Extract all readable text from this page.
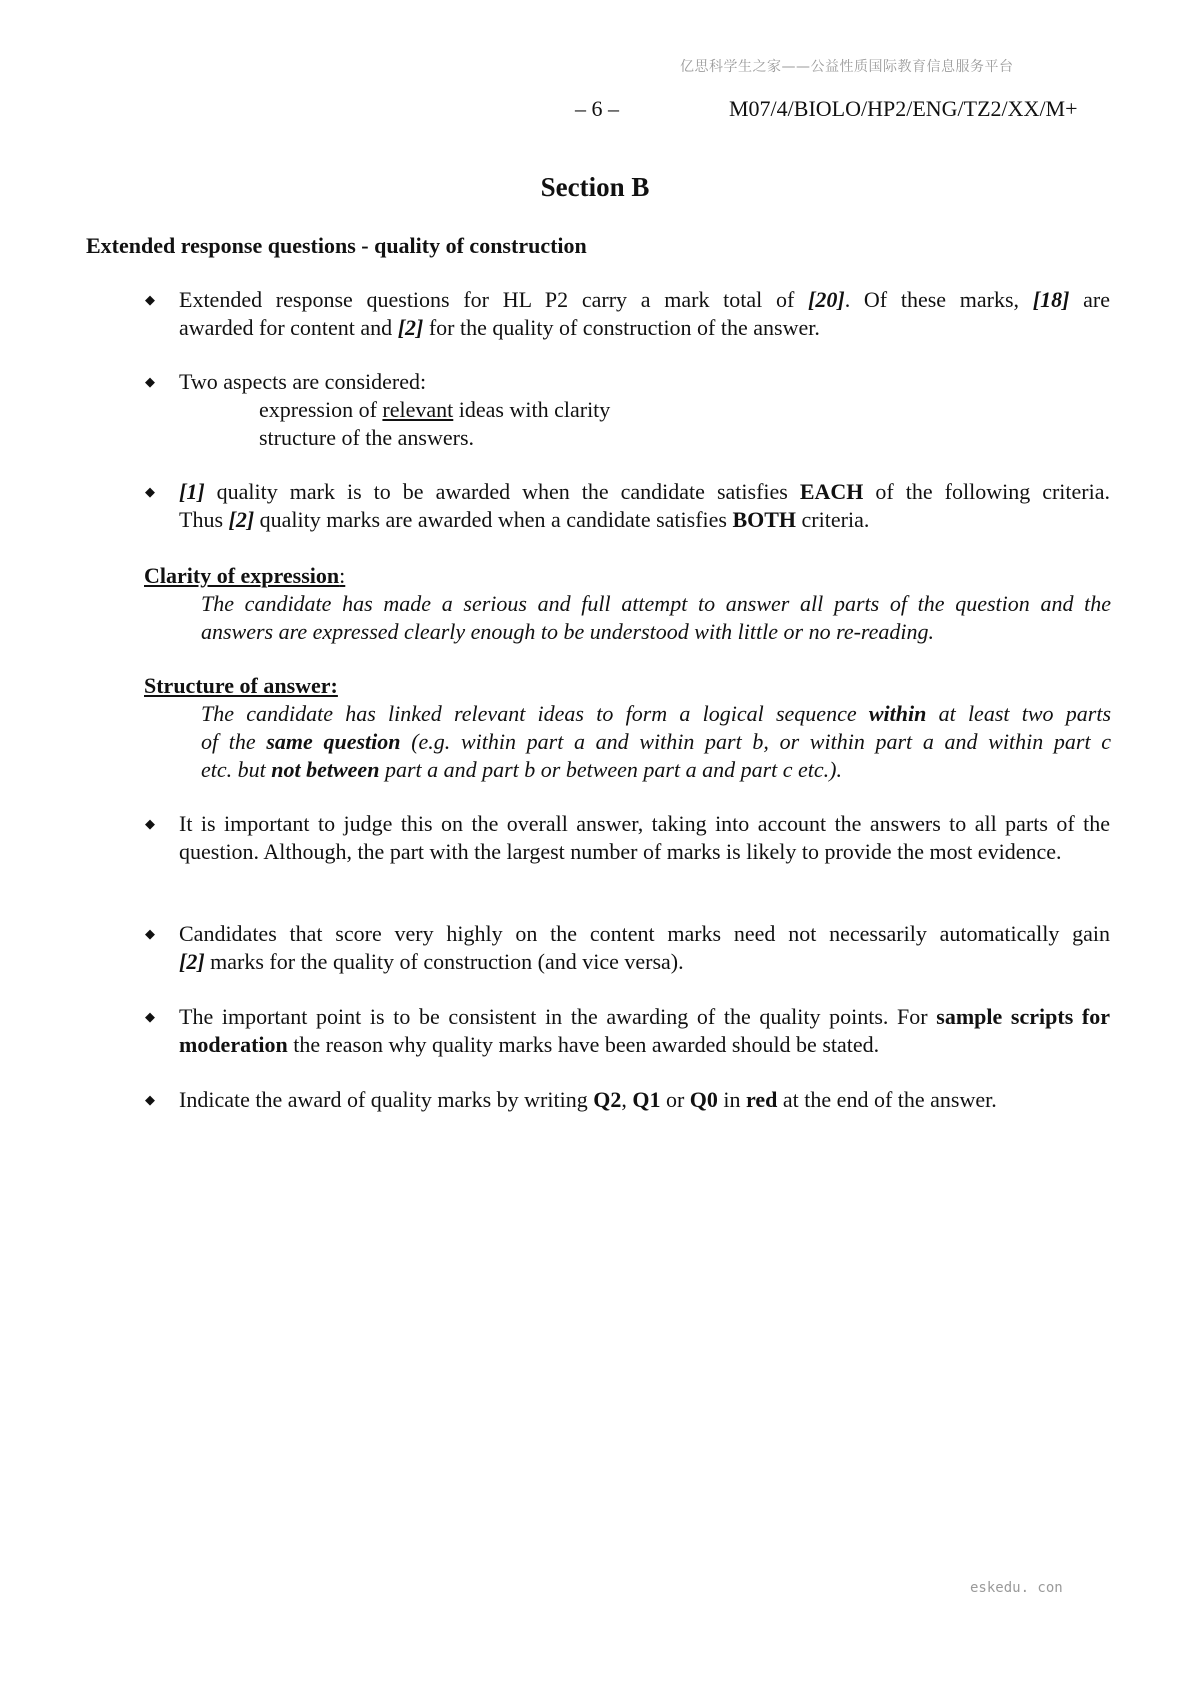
亿思科学生之家——公益性质国际教育信息服务平台
– 6 –	M07/4/BIOLO/HP2/ENG/TZ2/XX/M+
Section B
Extended response questions - quality of construction
◆ Extended response questions for HL P2 carry a mark total of [20]. Of these marks, [18] are
awarded for content and [2] for the quality of construction of the answer.
◆ Two aspects are considered:
expression of relevant ideas with clarity
structure of the answers.
◆ [1] quality mark is to be awarded when the candidate satisfies EACH of the following criteria.
Thus [2] quality marks are awarded when a candidate satisfies BOTH criteria.
Clarity of expression:
The candidate has made a serious and full attempt to answer all parts of the question and the
answers are expressed clearly enough to be understood with little or no re-reading.
Structure of answer:
The candidate has linked relevant ideas to form a logical sequence within at least two parts
of the same question (e.g. within part a and within part b, or within part a and within part c
etc. but not between part a and part b or between part a and part c etc.).
◆ It is important to judge this on the overall answer, taking into account the answers to all parts of the question. Although, the part with the largest number of marks is likely to provide the most evidence.
◆ Candidates that score very highly on the content marks need not necessarily automatically gain
[2] marks for the quality of construction (and vice versa).
◆ The important point is to be consistent in the awarding of the quality points. For sample scripts for moderation the reason why quality marks have been awarded should be stated.
◆ Indicate the award of quality marks by writing Q2, Q1 or Q0 in red at the end of the answer.
eskedu. con
